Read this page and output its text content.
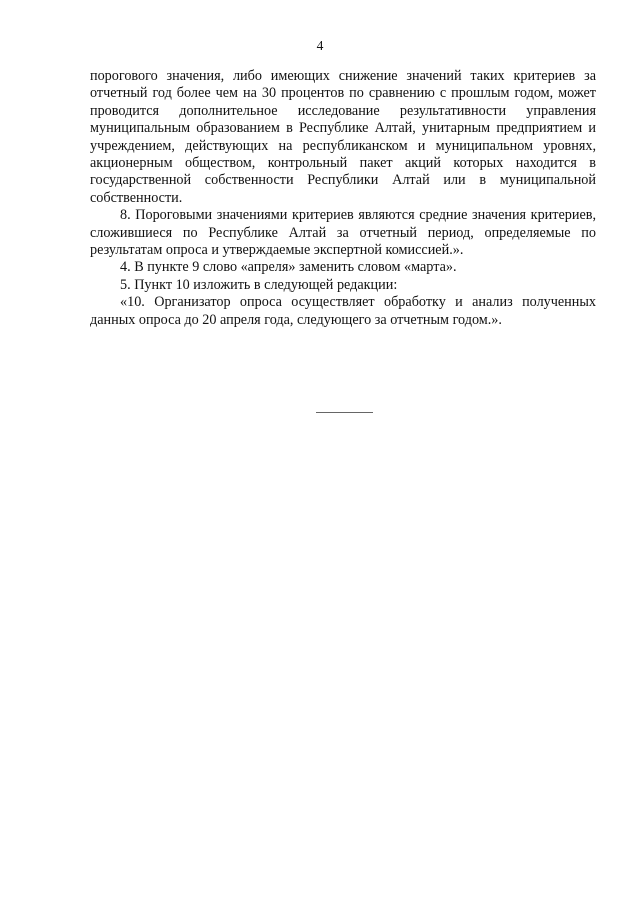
4

порогового значения, либо имеющих снижение значений таких критериев за отчетный год более чем на 30 процентов по сравнению с прошлым годом, может проводится дополнительное исследование результативности управления муниципальным образованием в Республике Алтай, унитарным предприятием и учреждением, действующих на республиканском и муниципальном уровнях, акционерным обществом, контрольный пакет акций которых находится в государственной собственности Республики Алтай или в муниципальной собственности.

8. Пороговыми значениями критериев являются средние значения критериев, сложившиеся по Республике Алтай за отчетный период, определяемые по результатам опроса и утверждаемые экспертной комиссией.».

4. В пункте 9 слово «апреля» заменить словом «марта».

5. Пункт 10 изложить в следующей редакции:

«10. Организатор опроса осуществляет обработку и анализ полученных данных опроса до 20 апреля года, следующего за отчетным годом.».
